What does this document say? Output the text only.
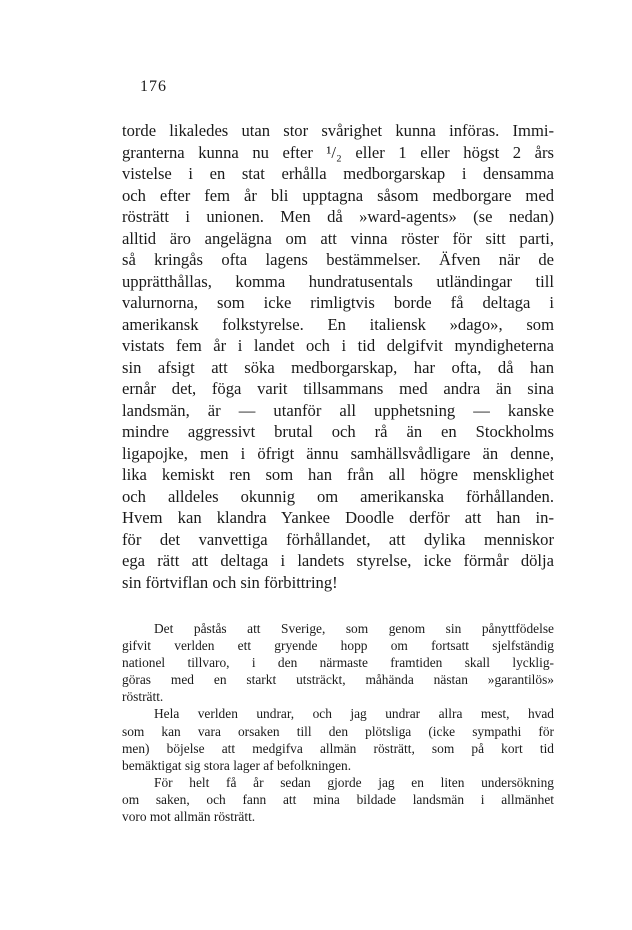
176
torde likaledes utan stor svårighet kunna införas. Immi-
granterna kunna nu efter ¹/₂ eller 1 eller högst 2 års
vistelse i en stat erhålla medborgarskap i densamma
och efter fem år bli upptagna såsom medborgare med
rösträtt i unionen. Men då »ward-agents» (se nedan)
alltid äro angelägna om att vinna röster för sitt parti,
så kringås ofta lagens bestämmelser. Äfven när de
upprätthållas, komma hundratusentals utländingar till
valurnorna, som icke rimligtvis borde få deltaga i
amerikansk folkstyrelse. En italiensk »dago», som
vistats fem år i landet och i tid delgifvit myndigheterna
sin afsigt att söka medborgarskap, har ofta, då han
ernår det, föga varit tillsammans med andra än sina
landsmän, är — utanför all upphetsning — kanske
mindre aggressivt brutal och rå än en Stockholms
ligapojke, men i öfrigt ännu samhällsvådligare än denne,
lika kemiskt ren som han från all högre mensklighet
och alldeles okunnig om amerikanska förhållanden.
Hvem kan klandra Yankee Doodle derför att han in-
för det vanvettiga förhållandet, att dylika menniskor
ega rätt att deltaga i landets styrelse, icke förmår dölja
sin förtviflan och sin förbittring!
Det påstås att Sverige, som genom sin pånyttfödelse
gifvit verlden ett gryende hopp om fortsatt sjelfständig
nationel tillvaro, i den närmaste framtiden skall lycklig-
göras med en starkt utsträckt, måhända nästan »garantilös»
rösträtt.
Hela verlden undrar, och jag undrar allra mest, hvad
som kan vara orsaken till den plötsliga (icke sympathi för
men) böjelse att medgifva allmän rösträtt, som på kort tid
bemäktigat sig stora lager af befolkningen.
För helt få år sedan gjorde jag en liten undersökning
om saken, och fann att mina bildade landsmän i allmänhet
voro mot allmän rösträtt.
